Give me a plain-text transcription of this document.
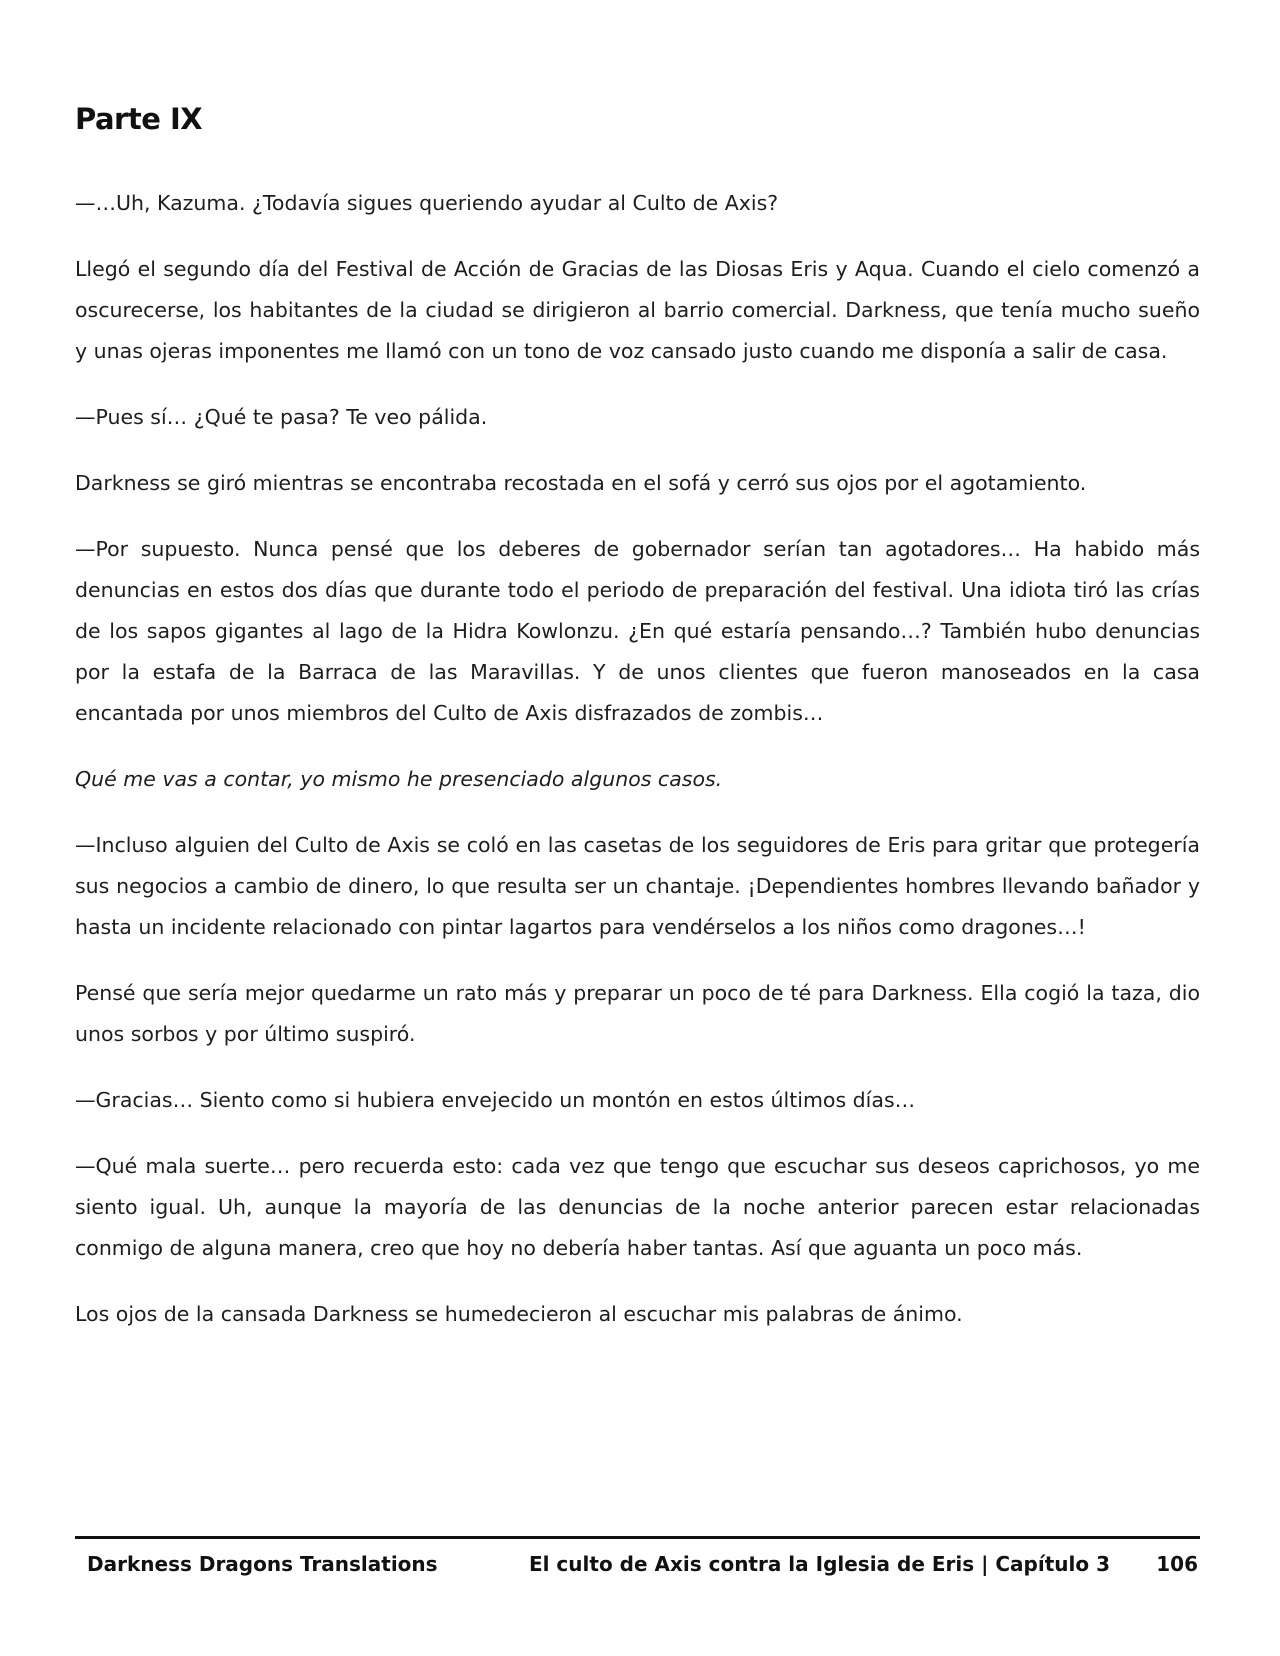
Parte IX

—…Uh, Kazuma. ¿Todavía sigues queriendo ayudar al Culto de Axis?

Llegó el segundo día del Festival de Acción de Gracias de las Diosas Eris y Aqua. Cuando el cielo comenzó a oscurecerse, los habitantes de la ciudad se dirigieron al barrio comercial. Darkness, que tenía mucho sueño y unas ojeras imponentes me llamó con un tono de voz cansado justo cuando me disponía a salir de casa.

—Pues sí… ¿Qué te pasa? Te veo pálida.

Darkness se giró mientras se encontraba recostada en el sofá y cerró sus ojos por el agotamiento.

—Por supuesto. Nunca pensé que los deberes de gobernador serían tan agotadores… Ha habido más denuncias en estos dos días que durante todo el periodo de preparación del festival. Una idiota tiró las crías de los sapos gigantes al lago de la Hidra Kowlonzu. ¿En qué estaría pensando…? También hubo denuncias por la estafa de la Barraca de las Maravillas. Y de unos clientes que fueron manoseados en la casa encantada por unos miembros del Culto de Axis disfrazados de zombis…

Qué me vas a contar, yo mismo he presenciado algunos casos.

—Incluso alguien del Culto de Axis se coló en las casetas de los seguidores de Eris para gritar que protegería sus negocios a cambio de dinero, lo que resulta ser un chantaje. ¡Dependientes hombres llevando bañador y hasta un incidente relacionado con pintar lagartos para vendérselos a los niños como dragones…!

Pensé que sería mejor quedarme un rato más y preparar un poco de té para Darkness. Ella cogió la taza, dio unos sorbos y por último suspiró.

—Gracias… Siento como si hubiera envejecido un montón en estos últimos días…

—Qué mala suerte… pero recuerda esto: cada vez que tengo que escuchar sus deseos caprichosos, yo me siento igual. Uh, aunque la mayoría de las denuncias de la noche anterior parecen estar relacionadas conmigo de alguna manera, creo que hoy no debería haber tantas. Así que aguanta un poco más.

Los ojos de la cansada Darkness se humedecieron al escuchar mis palabras de ánimo.

Darkness Dragons Translations	El culto de Axis contra la Iglesia de Eris | Capítulo 3 106
